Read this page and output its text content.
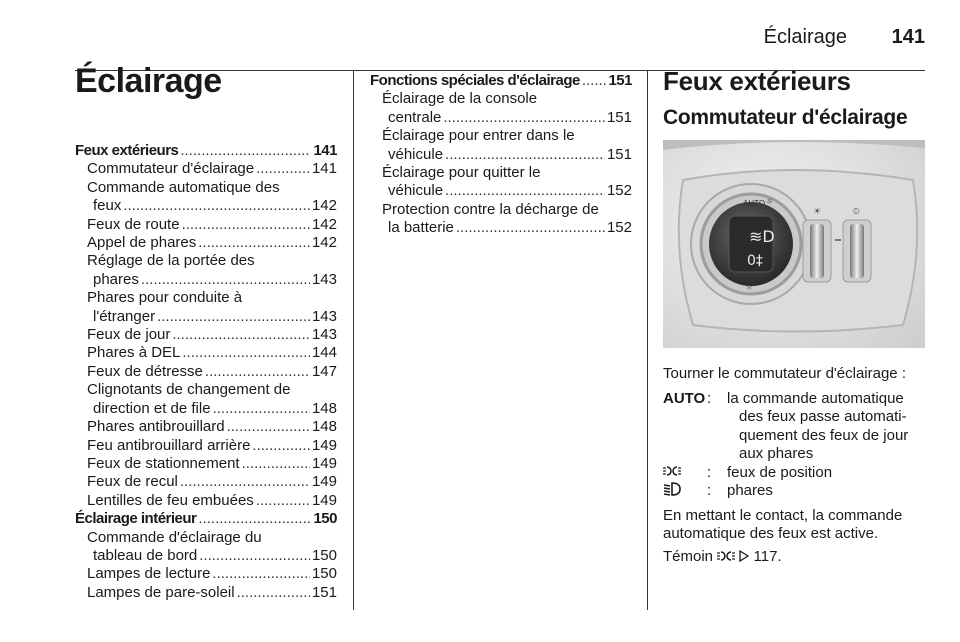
Éclairage 141
Éclairage
Feux extérieurs .....	141
Commutateur d'éclairage .....	141
Commande automatique des
feux .....	142
Feux de route .....	142
Appel de phares .....	142
Réglage de la portée des
phares .....	143
Phares pour conduite à
l'étranger .....	143
Feux de jour .....	143
Phares à DEL .....	144
Feux de détresse .....	147
Clignotants de changement de
direction et de file .....	148
Phares antibrouillard .....	148
Feu antibrouillard arrière .....	149
Feux de stationnement .....	149
Feux de recul .....	149
Lentilles de feu embuées .....	149
Éclairage intérieur .....	150
Commande d'éclairage du
tableau de bord .....	150
Lampes de lecture .....	150
Lampes de pare-soleil .....	151
Fonctions spéciales d'éclairage ..... 151
Éclairage de la console
centrale .....	151
Éclairage pour entrer dans le
véhicule .....	151
Éclairage pour quitter le
véhicule .....	152
Protection contre la décharge de
la batterie .....	152
Feux extérieurs
Commutateur d'éclairage
AUTO ☼
≋D
0‡
☼
☀	⦶
Tourner le commutateur d'éclairage :
AUTO :	la commande automatique
des feux passe automati-
quement des feux de jour
aux phares
:	feux de position
:	phares
En mettant le contact, la commande
automatique des feux est active.
Témoin	117.
